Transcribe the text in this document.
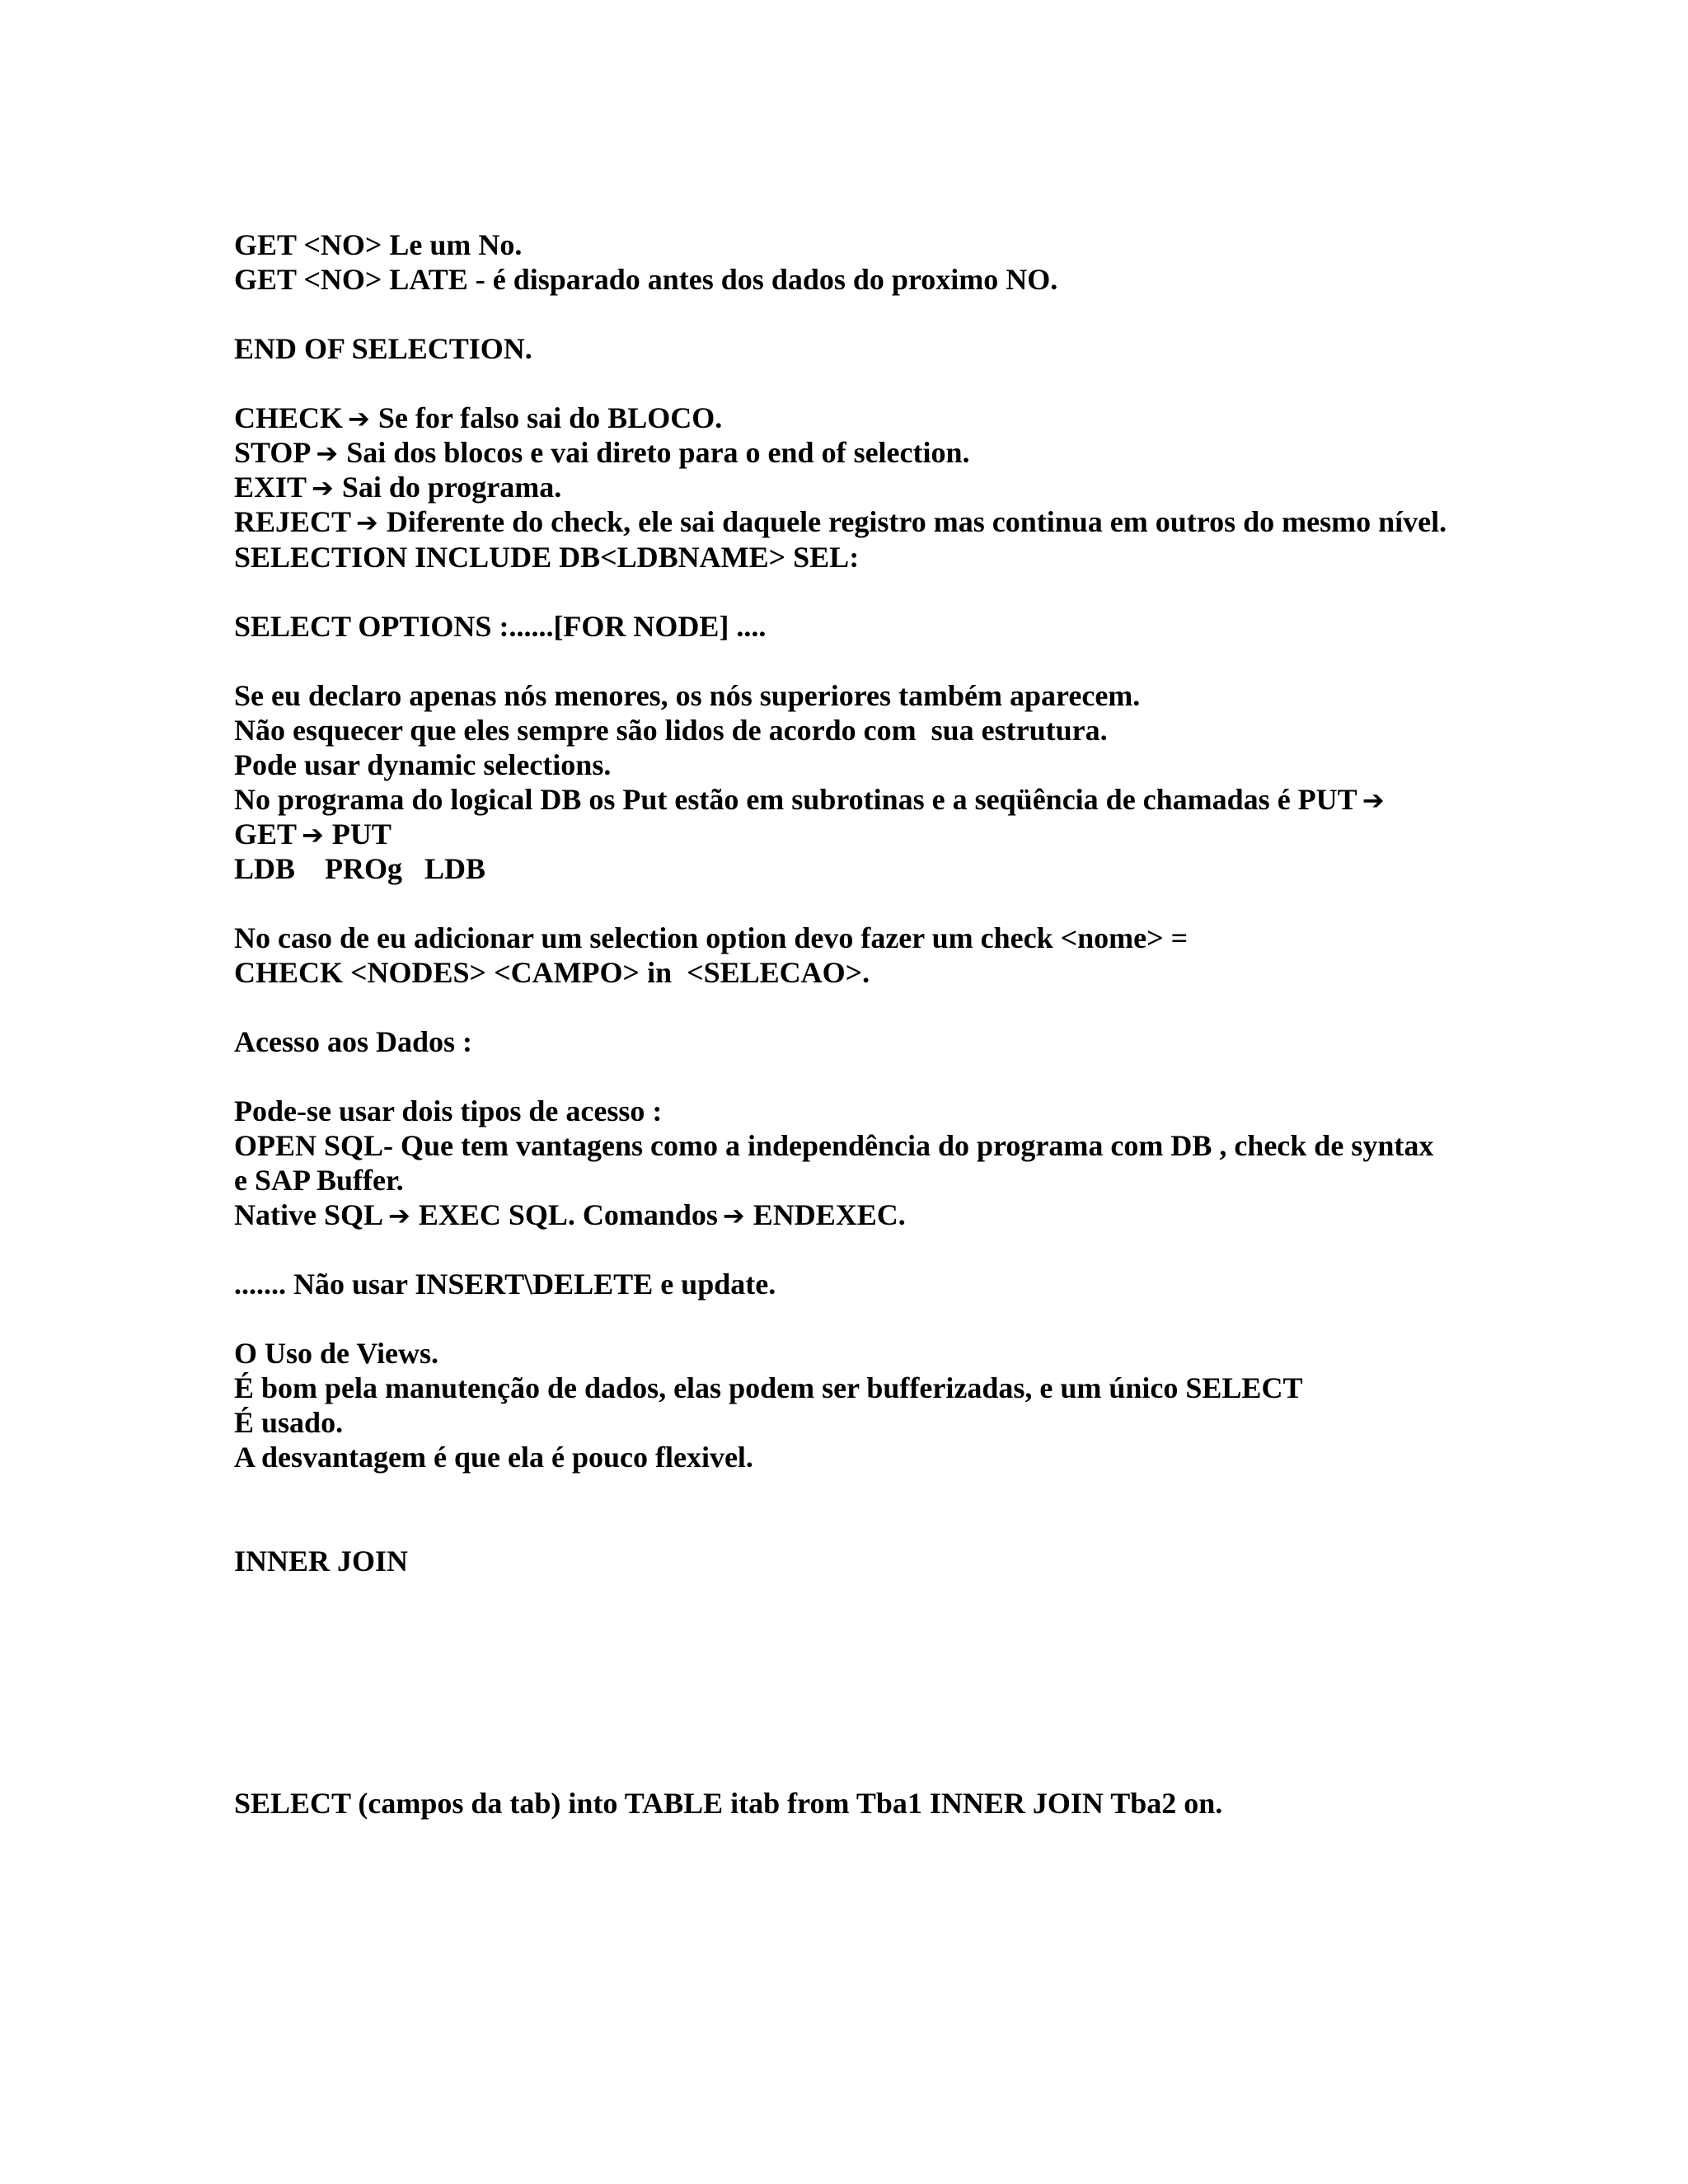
GET <NO> Le um No.
GET <NO> LATE - é disparado antes dos dados do proximo NO.
END OF SELECTION.
CHECK ➔ Se for falso sai do BLOCO.
STOP ➔ Sai dos blocos e vai direto para o end of selection.
EXIT ➔ Sai do programa.
REJECT ➔ Diferente do check, ele sai daquele registro mas continua em outros do mesmo nível.
SELECTION INCLUDE DB<LDBNAME> SEL:
SELECT OPTIONS :......[FOR NODE] ....
Se eu declaro apenas nós menores, os nós superiores também aparecem.
Não esquecer que eles sempre são lidos de acordo com  sua estrutura.
Pode usar dynamic selections.
No programa do logical DB os Put estão em subrotinas e a seqüência de chamadas é PUT ➔
GET ➔ PUT
LDB    PROg   LDB
No caso de eu adicionar um selection option devo fazer um check <nome> =
CHECK <NODES> <CAMPO> in  <SELECAO>.
Acesso aos Dados :
Pode-se usar dois tipos de acesso :
OPEN SQL- Que tem vantagens como a independência do programa com DB , check de syntax e SAP Buffer.
Native SQL ➔ EXEC SQL. Comandos ➔ ENDEXEC.
....... Não usar INSERT\DELETE e update.
O Uso de Views.
É bom pela manutenção de dados, elas podem ser bufferizadas, e um único SELECT
É usado.
A desvantagem é que ela é pouco flexivel.
INNER JOIN
SELECT (campos da tab) into TABLE itab from Tba1 INNER JOIN Tba2 on.
